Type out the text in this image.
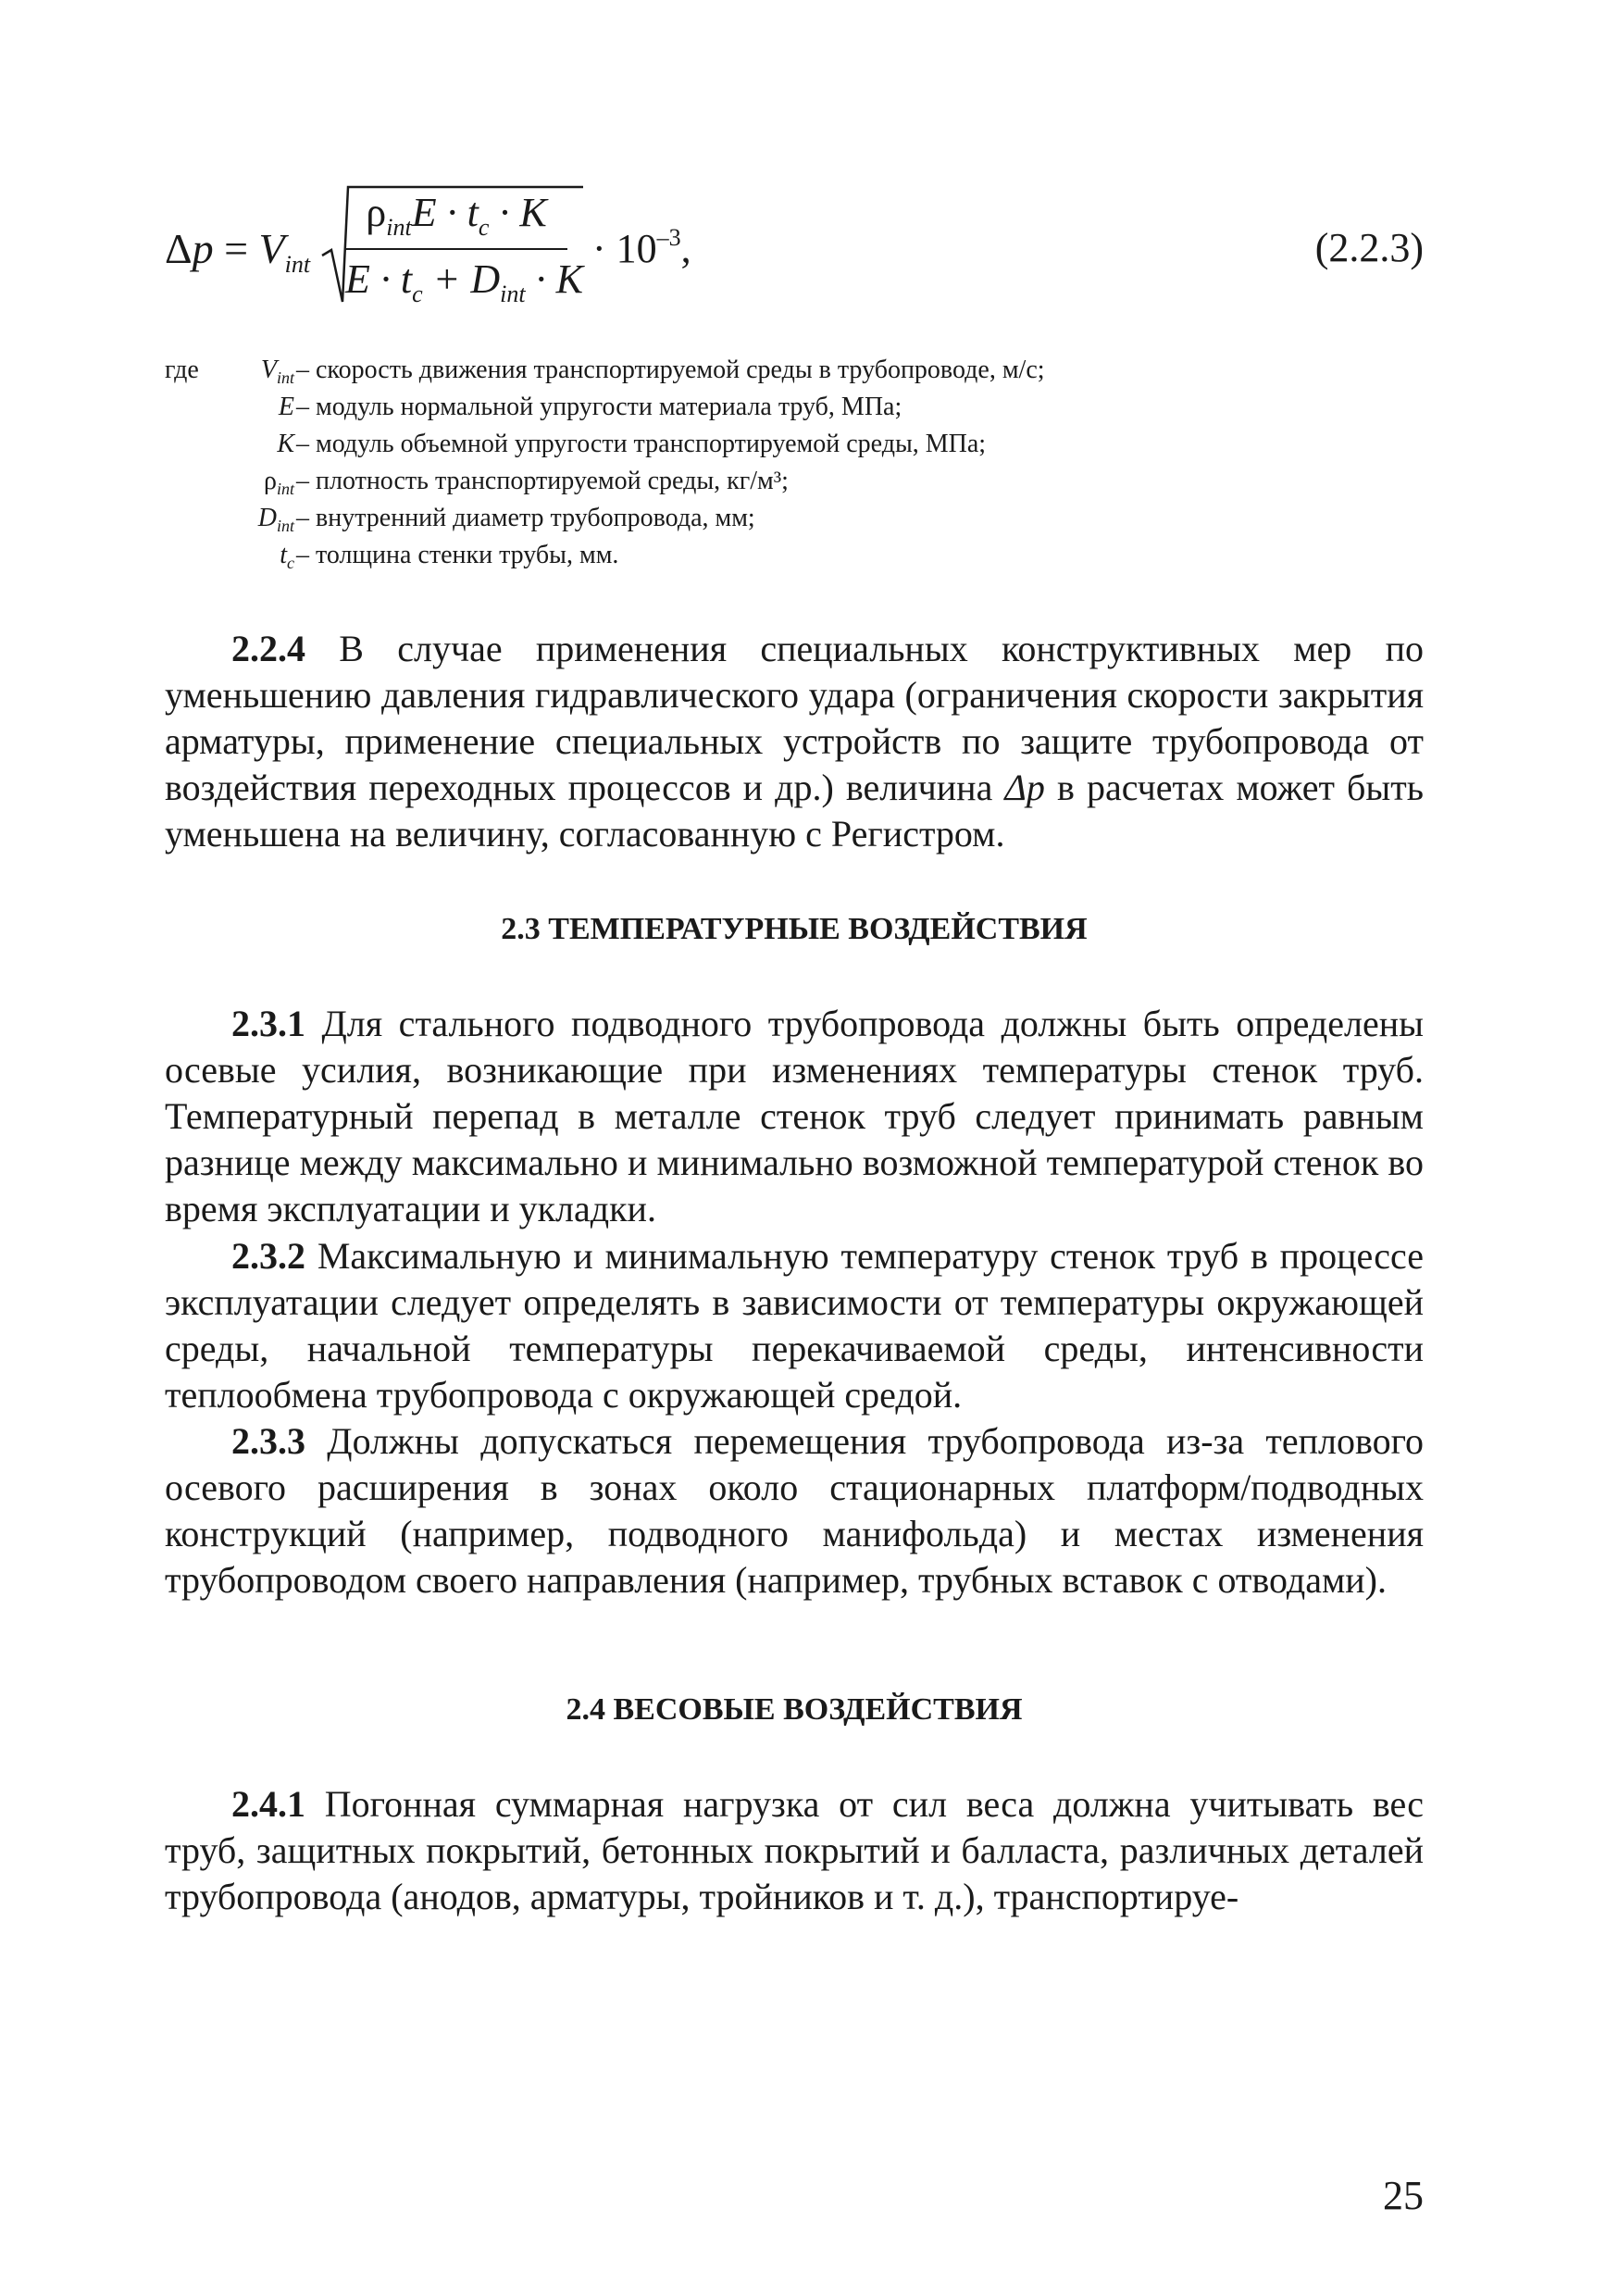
$\Delta p = V_{int}$
$\rho_{int}E \cdot t_c \cdot K$
$E \cdot t_c + D_{int} \cdot K$
· $10^{-3}$,	(2.2.3)
где $V_{int}$ – скорость движения транспортируемой среды в трубопроводе, м/с;
E – модуль нормальной упругости материала труб, МПа;
K – модуль объемной упругости транспортируемой среды, МПа;
$\rho_{int}$ – плотность транспортируемой среды, кг/м³;
$D_{int}$ – внутренний диаметр трубопровода, мм;
$t_c$ – толщина стенки трубы, мм.
2.2.4 В случае применения специальных конструктивных мер по уменьшению давления гидравлического удара (ограничения скорости закрытия арматуры, применение специальных устройств по защите трубопровода от воздействия переходных процессов и др.) величина Δp в расчетах может быть уменьшена на величину, согласованную с Регистром.
2.3 ТЕМПЕРАТУРНЫЕ ВОЗДЕЙСТВИЯ
2.3.1 Для стального подводного трубопровода должны быть определены осевые усилия, возникающие при изменениях температуры стенок труб. Температурный перепад в металле стенок труб следует принимать равным разнице между максимально и минимально возможной температурой стенок во время эксплуатации и укладки.
2.3.2 Максимальную и минимальную температуру стенок труб в процессе эксплуатации следует определять в зависимости от температуры окружающей среды, начальной температуры перекачиваемой среды, интенсивности теплообмена трубопровода с окружающей средой.
2.3.3 Должны допускаться перемещения трубопровода из-за теплового осевого расширения в зонах около стационарных платформ/подводных конструкций (например, подводного манифольда) и местах изменения трубопроводом своего направления (например, трубных вставок с отводами).
2.4 ВЕСОВЫЕ ВОЗДЕЙСТВИЯ
2.4.1 Погонная суммарная нагрузка от сил веса должна учитывать вес труб, защитных покрытий, бетонных покрытий и балласта, различных деталей трубопровода (анодов, арматуры, тройников и т. д.), транспортируе-
25
